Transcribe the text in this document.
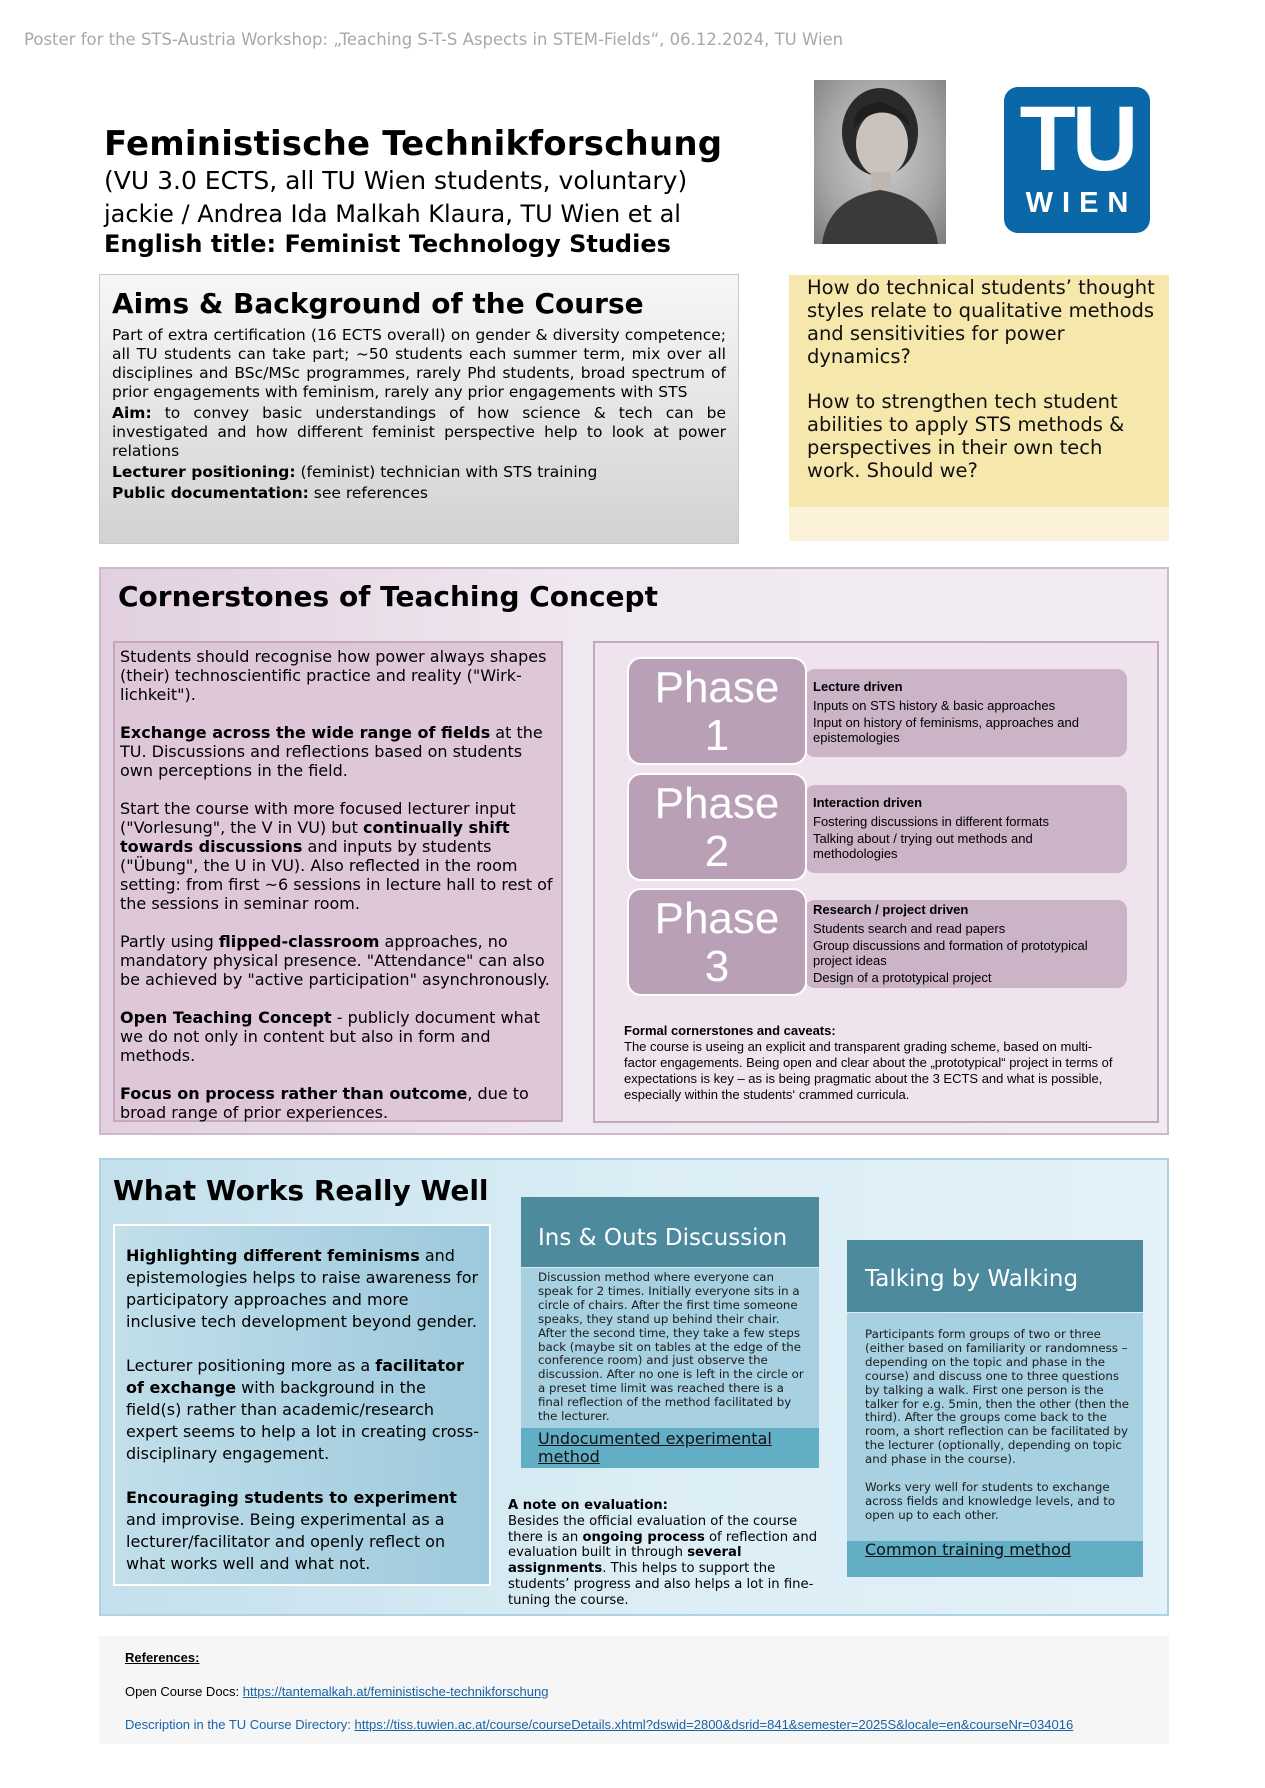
Poster for the STS-Austria Workshop: „Teaching S-T-S Aspects in STEM-Fields“, 06.12.2024, TU Wien
Feministische Technikforschung
(VU 3.0 ECTS, all TU Wien students, voluntary)
jackie / Andrea Ida Malkah Klaura, TU Wien et al
English title: Feminist Technology Studies
TU
WIEN
Aims & Background of the Course

Part of extra certification (16 ECTS overall) on gender & diversity competence; all TU students can take part; ~50 students each summer term, mix over all disciplines and BSc/MSc programmes, rarely Phd students, broad spectrum of prior engagements with feminism, rarely any prior engagements with STS

Aim: to convey basic understandings of how science & tech can be investigated and how different feminist perspective help to look at power relations

Lecturer positioning: (feminist) technician with STS training

Public documentation: see references

How do technical students’ thought styles relate to qualitative methods and sensitivities for power dynamics?

How to strengthen tech student abilities to apply STS methods & perspectives in their own tech work. Should we?

Cornerstones of Teaching Concept

Students should recognise how power always shapes (their) technoscientific practice and reality ("Wirk-lichkeit").

Exchange across the wide range of fields at the TU. Discussions and reflections based on students own perceptions in the field.

Start the course with more focused lecturer input ("Vorlesung", the V in VU) but continually shift towards discussions and inputs by students ("Übung", the U in VU). Also reflected in the room setting: from first ~6 sessions in lecture hall to rest of the sessions in seminar room.

Partly using flipped-classroom approaches, no mandatory physical presence. "Attendance" can also be achieved by "active participation" asynchronously.

Open Teaching Concept - publicly document what we do not only in content but also in form and methods.

Focus on process rather than outcome, due to broad range of prior experiences.

Lecture driven
Inputs on STS history & basic approaches
Input on history of feminisms, approaches and epistemologies
Phase
1
Interaction driven
Fostering discussions in different formats
Talking about / trying out methods and methodologies
Phase
2
Research / project driven
Students search and read papers
Group discussions and formation of prototypical project ideas
Design of a prototypical project
Phase
3
Formal cornerstones and caveats:
The course is useing an explicit and transparent grading scheme, based on multi-factor engagements. Being open and clear about the „prototypical“ project in terms of expectations is key – as is being pragmatic about the 3 ECTS and what is possible, especially within the students‘ crammed curricula.
What Works Really Well

Highlighting different feminisms and epistemologies helps to raise awareness for participatory approaches and more inclusive tech development beyond gender.

Lecturer positioning more as a facilitator of exchange with background in the field(s) rather than academic/research expert seems to help a lot in creating cross-disciplinary engagement.

Encouraging students to experiment and improvise. Being experimental as a lecturer/facilitator and openly reflect on what works well and what not.

Ins & Outs Discussion
Discussion method where everyone can speak for 2 times. Initially everyone sits in a circle of chairs. After the first time someone speaks, they stand up behind their chair. After the second time, they take a few steps back (maybe sit on tables at the edge of the conference room) and just observe the discussion. After no one is left in the circle or a preset time limit was reached there is a final reflection of the method facilitated by the lecturer.
Undocumented experimental method
Talking by Walking

Participants form groups of two or three (either based on familiarity or randomness – depending on the topic and phase in the course) and discuss one to three questions by talking a walk. First one person is the talker for e.g. 5min, then the other (then the third). After the groups come back to the room, a short reflection can be facilitated by the lecturer (optionally, depending on topic and phase in the course).

Works very well for students to exchange across fields and knowledge levels, and to open up to each other.

Common training method
A note on evaluation:
Besides the official evaluation of the course there is an ongoing process of reflection and evaluation built in through several assignments. This helps to support the students’ progress and also helps a lot in fine-tuning the course.
References:
Open Course Docs: https://tantemalkah.at/feministische-technikforschung
Description in the TU Course Directory: https://tiss.tuwien.ac.at/course/courseDetails.xhtml?dswid=2800&dsrid=841&semester=2025S&locale=en&courseNr=034016
